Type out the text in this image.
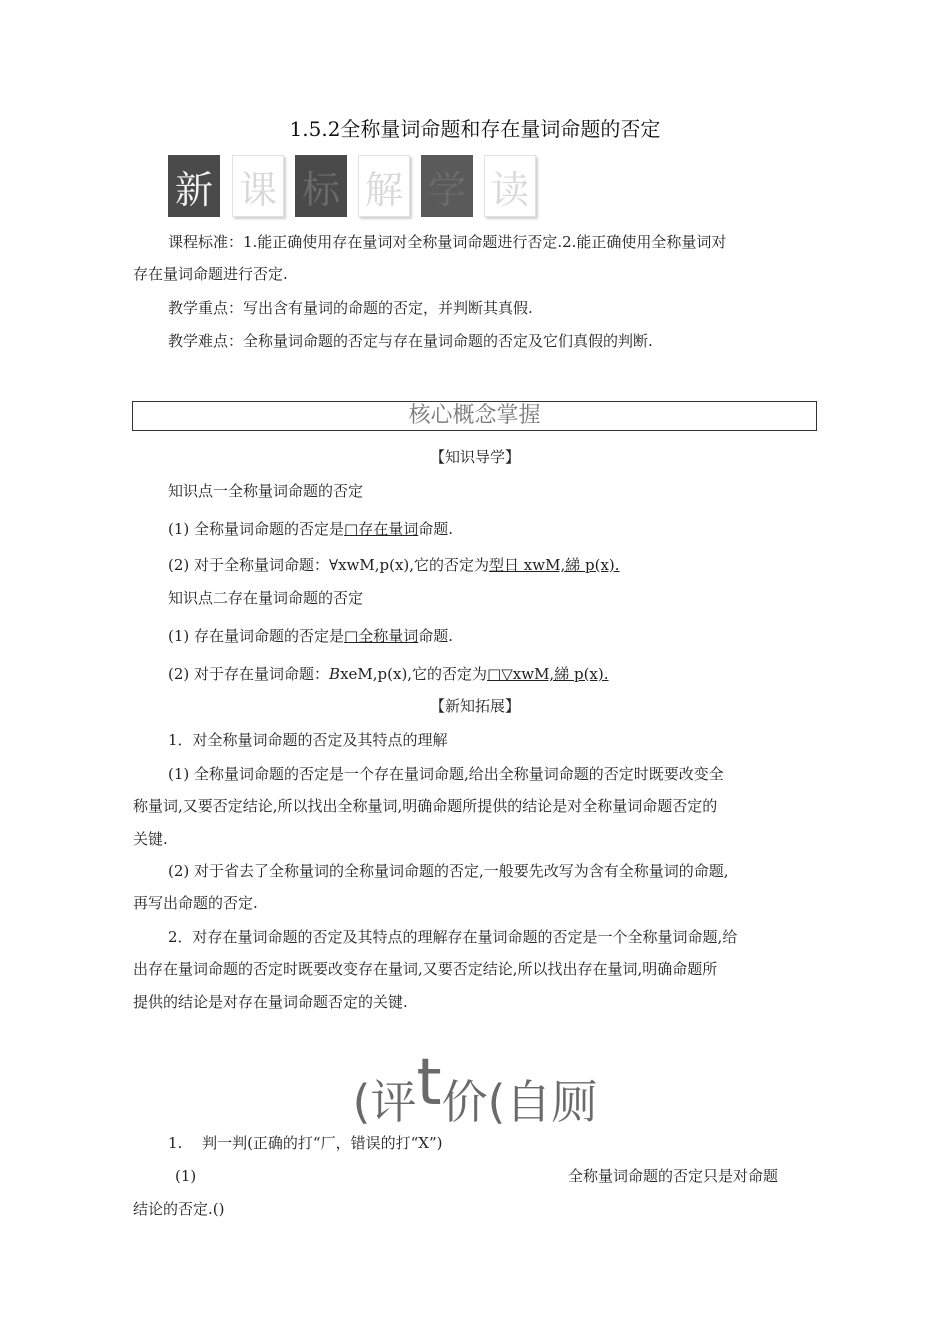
1.5.2全称量词命题和存在量词命题的否定
新 课 标 解 学 读
课程标准：1.能正确使用存在量词对全称量词命题进行否定.2.能正确使用全称量词对
存在量词命题进行否定.
教学重点：写出含有量词的命题的否定，并判断其真假.
教学难点：全称量词命题的否定与存在量词命题的否定及它们真假的判断.
核心概念掌握
【知识导学】
知识点一全称量词命题的否定
(1) 全称量词命题的否定是□存在量词命题.
(2) 对于全称量词命题：∀xwM,p(x),它的否定为型日 xwM,綈 p(x).
知识点二存在量词命题的否定
(1) 存在量词命题的否定是□全称量词命题.
(2) 对于存在量词命题：BxeM,p(x),它的否定为□▽xwM,綈 p(x).
【新知拓展】
1．对全称量词命题的否定及其特点的理解
(1) 全称量词命题的否定是一个存在量词命题,给出全称量词命题的否定时既要改变全
称量词,又要否定结论,所以找出全称量词,明确命题所提供的结论是对全称量词命题否定的
关键.
(2) 对于省去了全称量词的全称量词命题的否定,一般要先改写为含有全称量词的命题,
再写出命题的否定.
2．对存在量词命题的否定及其特点的理解存在量词命题的否定是一个全称量词命题,给
出存在量词命题的否定时既要改变存在量词,又要否定结论,所以找出存在量词,明确命题所
提供的结论是对存在量词命题否定的关键.
(评t价(自厕
1.　 判一判(正确的打“厂，错误的打“X”)
(1)	全称量词命题的否定只是对命题
结论的否定.()
